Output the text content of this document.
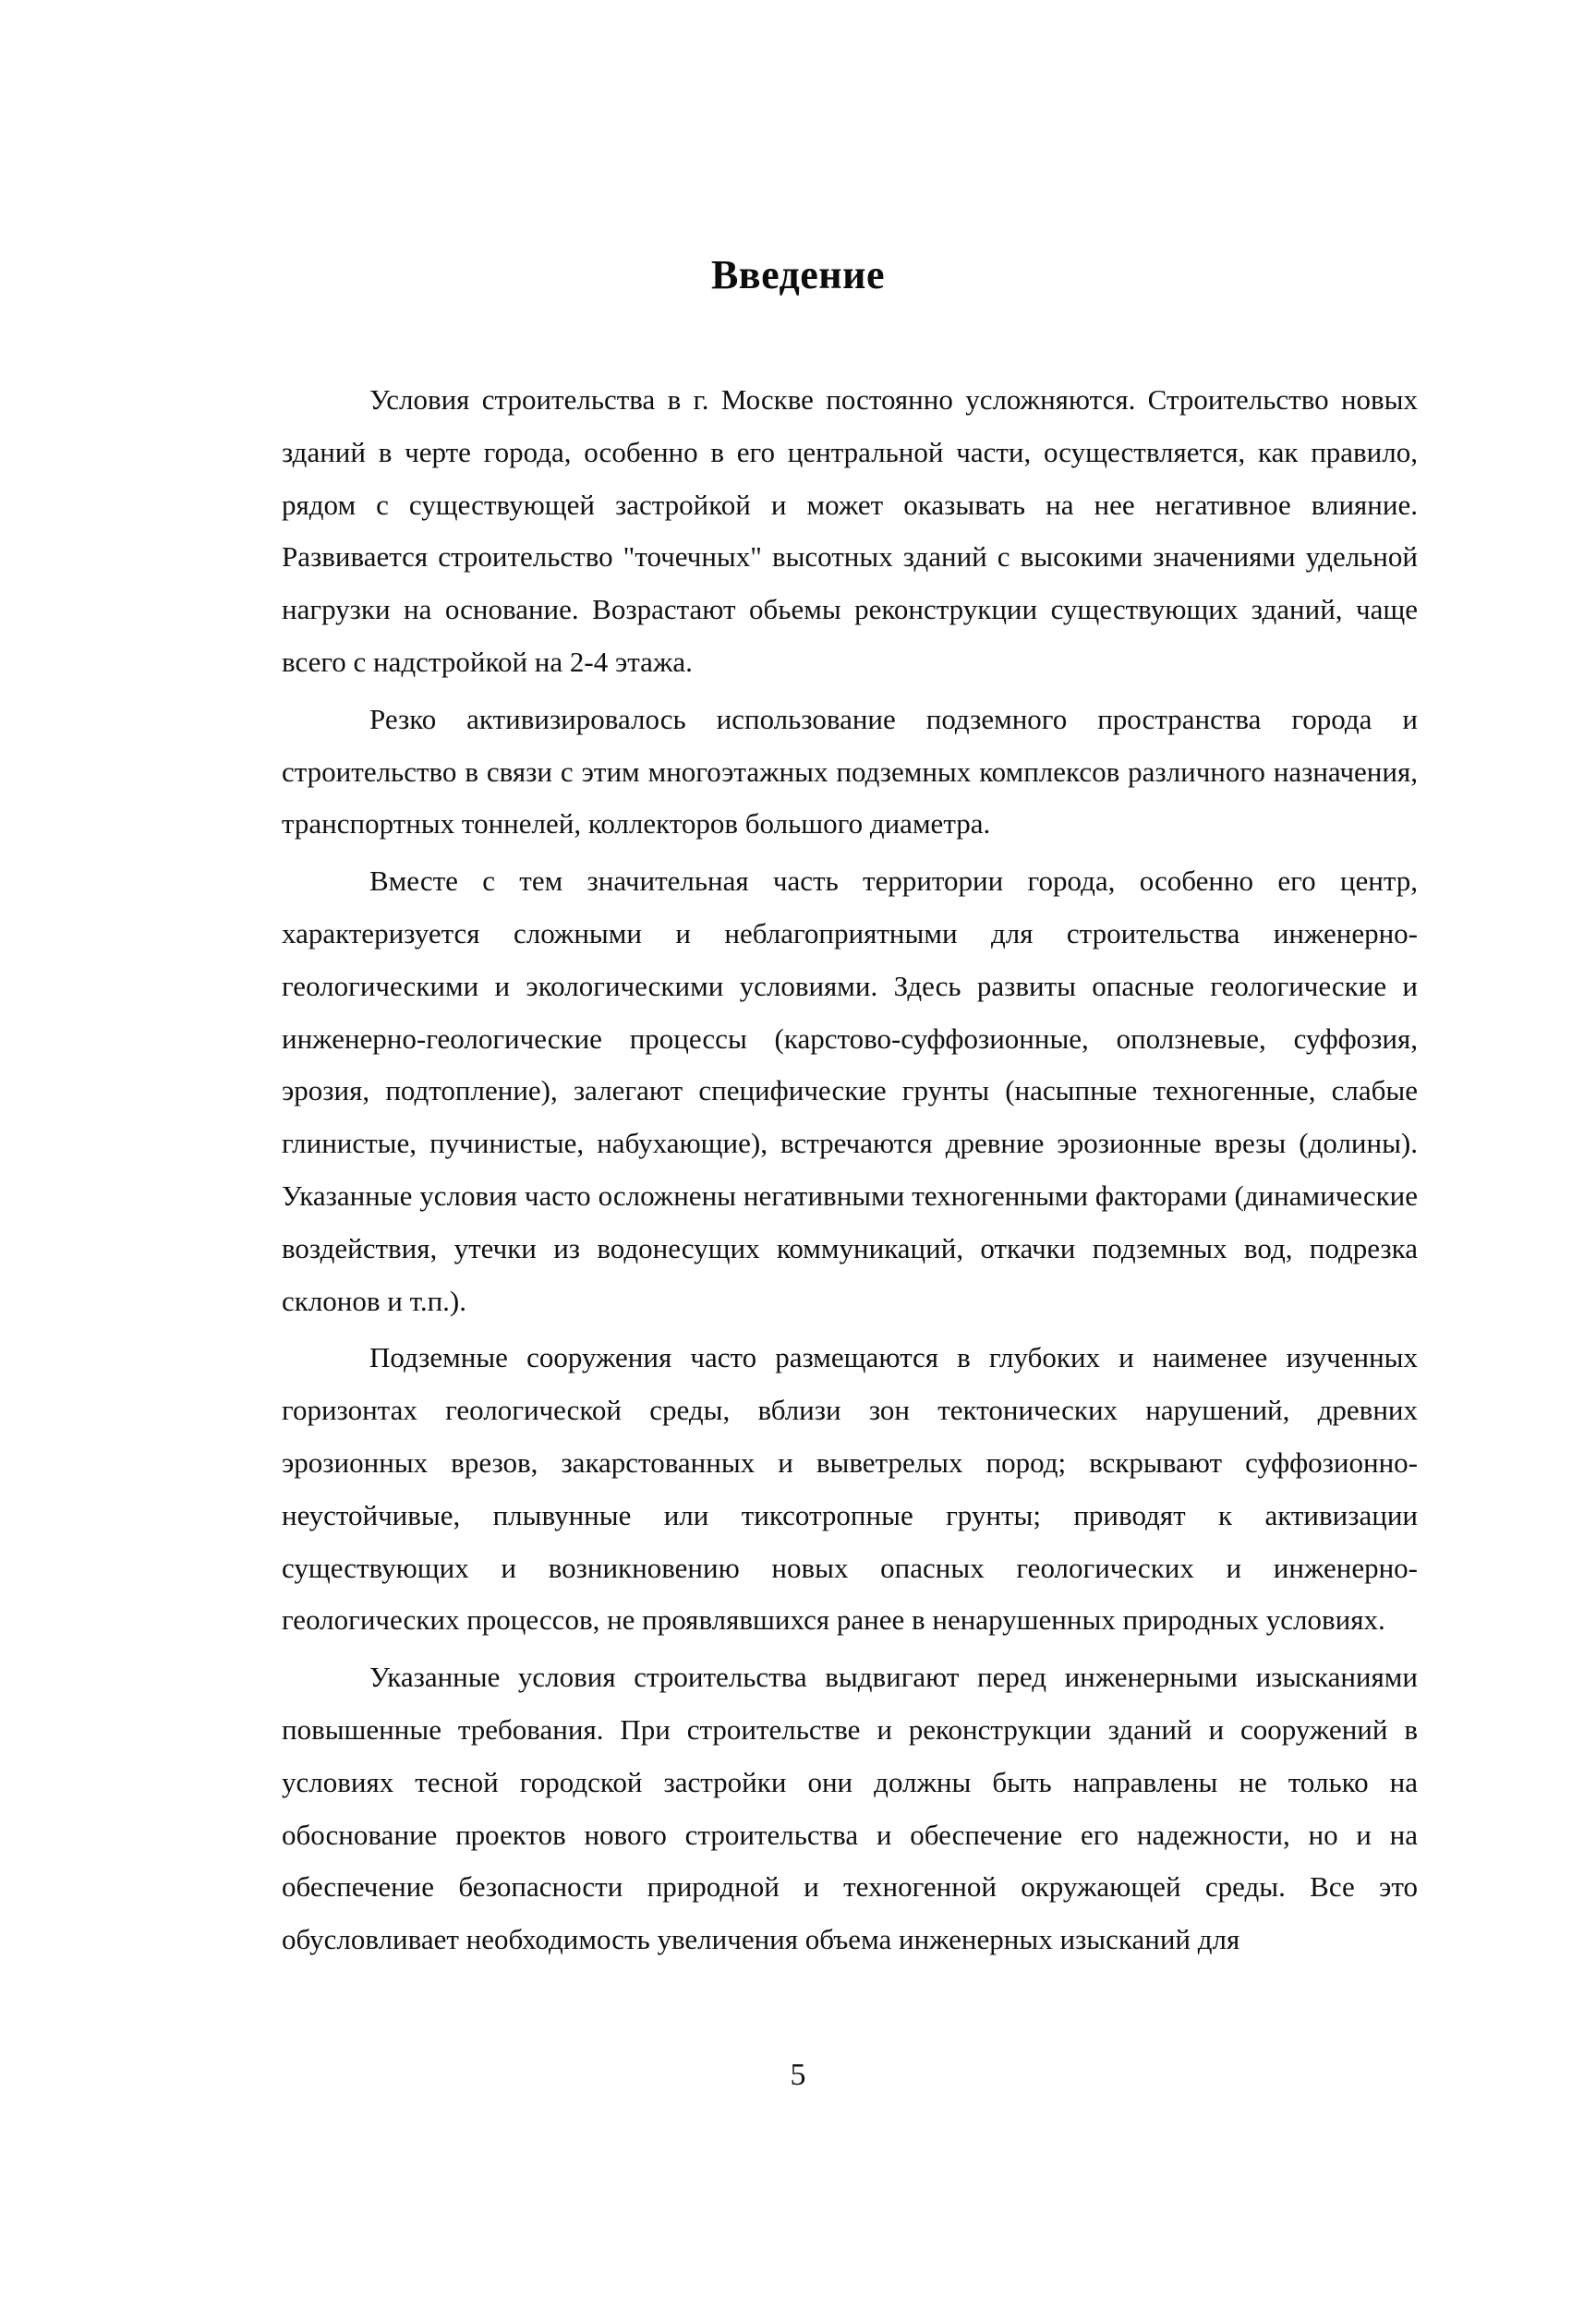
Введение

Условия строительства в г. Москве постоянно усложняются. Строительство новых зданий в черте города, особенно в его центральной части, осуществляется, как правило, рядом с существующей застройкой и может оказывать на нее негативное влияние. Развивается строительство "точечных" высотных зданий с высокими значениями удельной нагрузки на основание. Возрастают обьемы реконструкции существующих зданий, чаще всего с надстройкой на 2-4 этажа.

Резко активизировалось использование подземного пространства города и строительство в связи с этим многоэтажных подземных комплексов различного назначения, транспортных тоннелей, коллекторов большого диаметра.

Вместе с тем значительная часть территории города, особенно его центр, характеризуется сложными и неблагоприятными для строительства инженерно-геологическими и экологическими условиями. Здесь развиты опасные геологические и инженерно-геологические процессы (карстово-суффозионные, оползневые, суффозия, эрозия, подтопление), залегают специфические грунты (насыпные техногенные, слабые глинистые, пучинистые, набухающие), встречаются древние эрозионные врезы (долины). Указанные условия часто осложнены негативными техногенными факторами (динамические воздействия, утечки из водонесущих коммуникаций, откачки подземных вод, подрезка склонов и т.п.).

Подземные сооружения часто размещаются в глубоких и наименее изученных горизонтах геологической среды, вблизи зон тектонических нарушений, древних эрозионных врезов, закарстованных и выветрелых пород; вскрывают суффозионно-неустойчивые, плывунные или тиксотропные грунты; приводят к активизации существующих и возникновению новых опасных геологических и инженерно-геологических процессов, не проявлявшихся ранее в ненарушенных природных условиях.

Указанные условия строительства выдвигают перед инженерными изысканиями повышенные требования. При строительстве и реконструкции зданий и сооружений в условиях тесной городской застройки они должны быть направлены не только на обоснование проектов нового строительства и обеспечение его надежности, но и на обеспечение безопасности природной и техногенной окружающей среды. Все это обусловливает необходимость увеличения объема инженерных изысканий для

5
